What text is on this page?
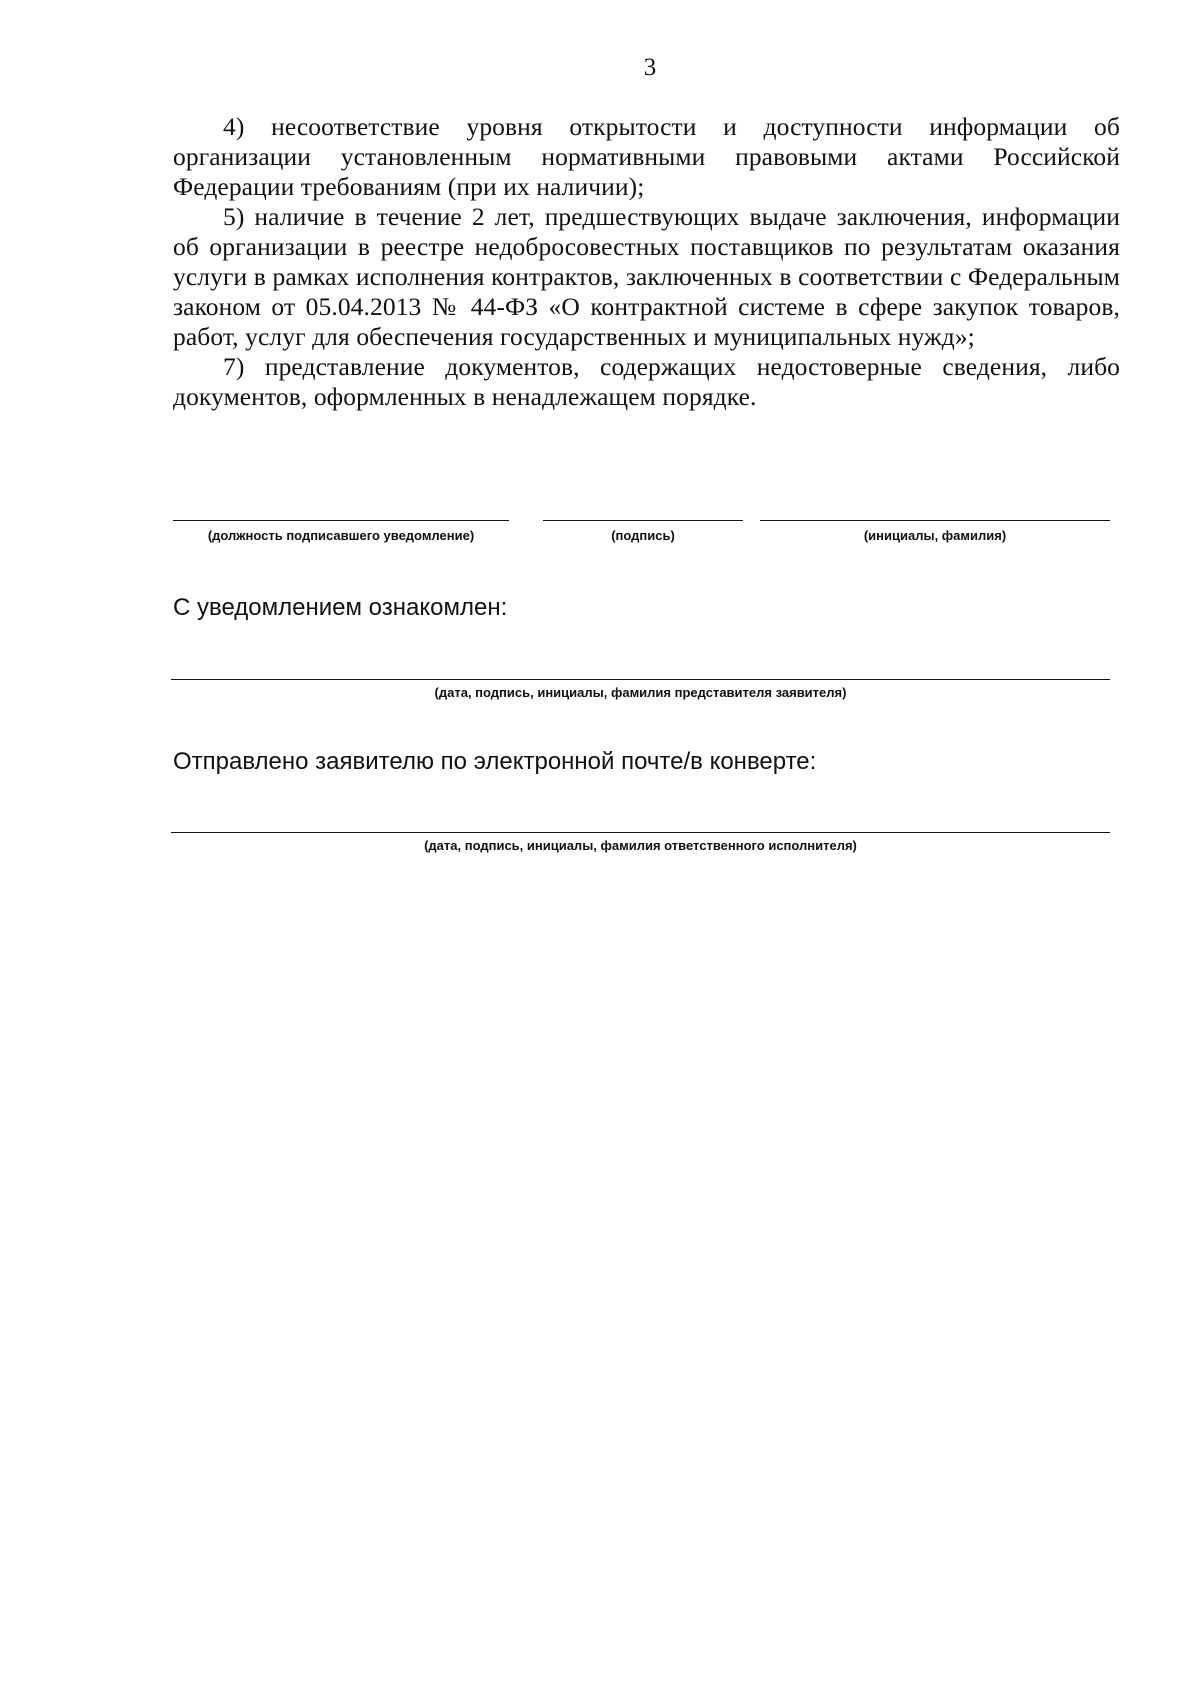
3

4) несоответствие уровня открытости и доступности информации об организации установленным нормативными правовыми актами Российской Федерации требованиям (при их наличии);

5) наличие в течение 2 лет, предшествующих выдаче заключения, информации об организации в реестре недобросовестных поставщиков по результатам оказания услуги в рамках исполнения контрактов, заключенных в соответствии с Федеральным законом от 05.04.2013 № 44-ФЗ «О контрактной системе в сфере закупок товаров, работ, услуг для обеспечения государственных и муниципальных нужд»;

7) представление документов, содержащих недостоверные сведения, либо документов, оформленных в ненадлежащем порядке.

(должность подписавшего уведомление)	(подпись)	(инициалы, фамилия)
С уведомлением ознакомлен:
(дата, подпись, инициалы, фамилия представителя заявителя)
Отправлено заявителю по электронной почте/в конверте:
(дата, подпись, инициалы, фамилия ответственного исполнителя)
